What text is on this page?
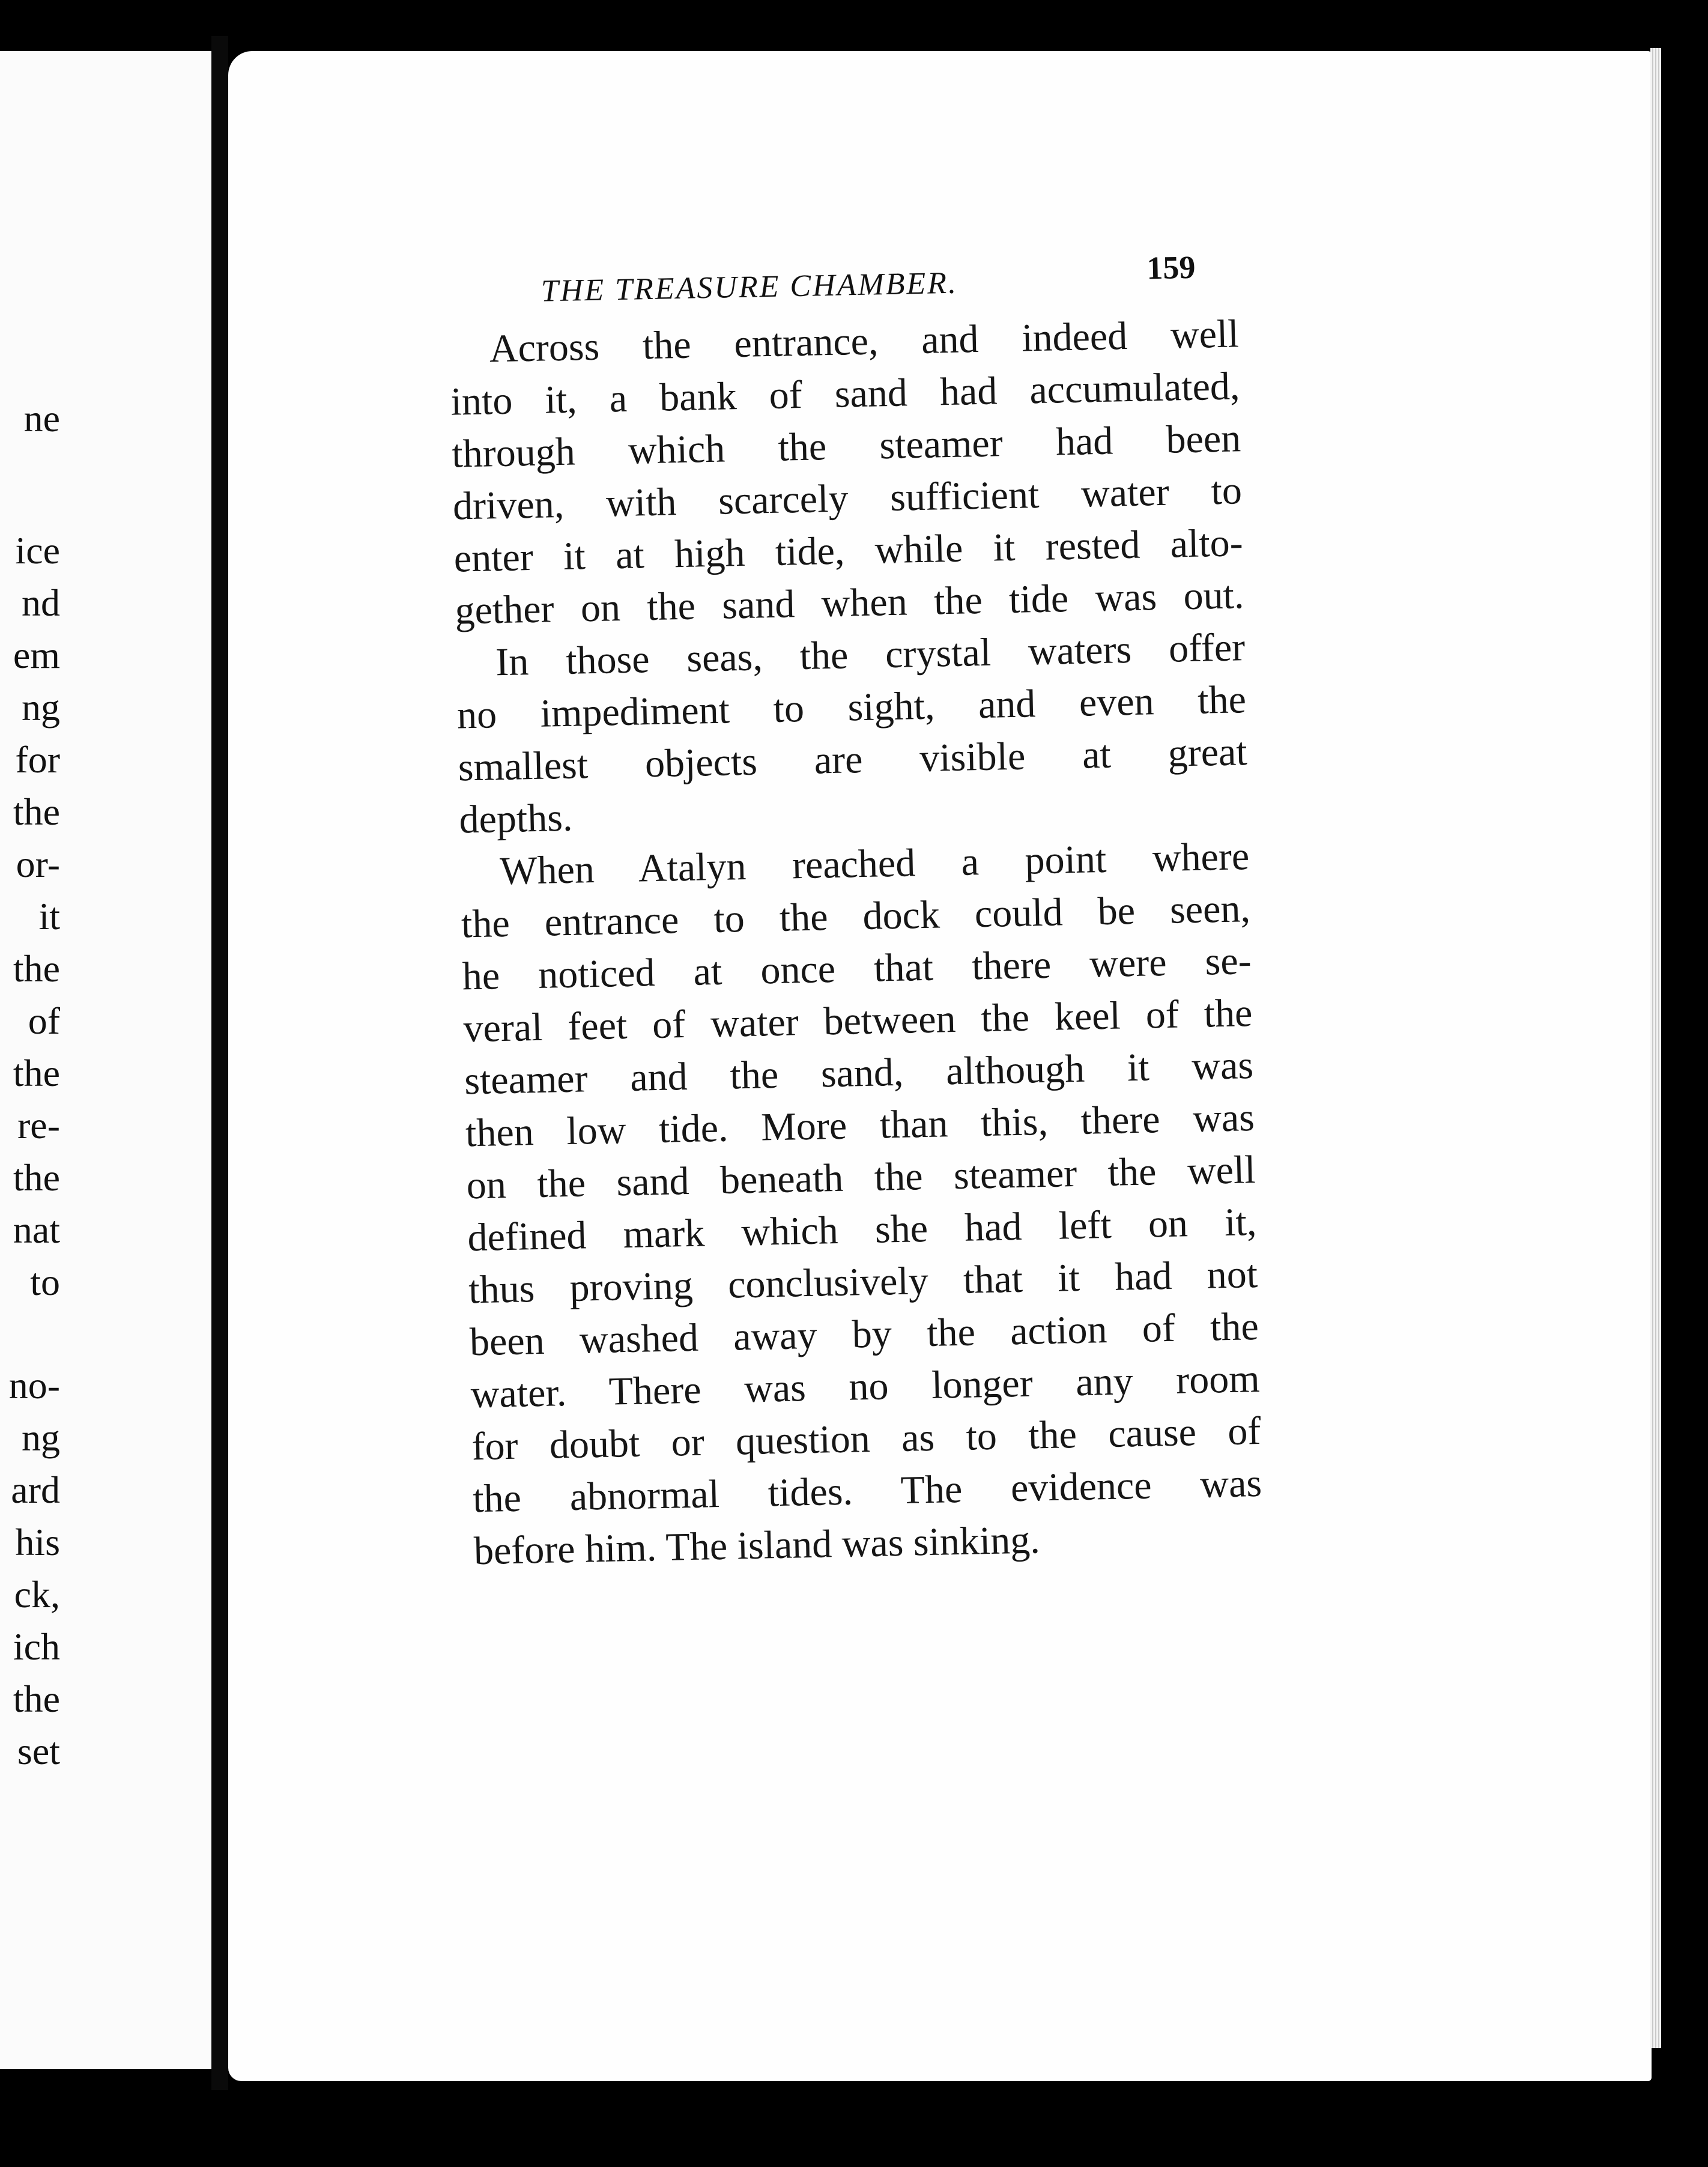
ne
ice
nd
em
ng
for
the
or-
it
the
of
the
re-
the
nat
to
no-
ng
ard
his
ck,
ich
the
set
THE TREASURE CHAMBER.	159
Across the entrance, and indeed well
into it, a bank of sand had accumulated,
through which the steamer had been
driven, with scarcely sufficient water to
enter it at high tide, while it rested alto-
gether on the sand when the tide was out.
In those seas, the crystal waters offer
no impediment to sight, and even the
smallest objects are visible at great
depths.
When Atalyn reached a point where
the entrance to the dock could be seen,
he noticed at once that there were se-
veral feet of water between the keel of the
steamer and the sand, although it was
then low tide. More than this, there was
on the sand beneath the steamer the well
defined mark which she had left on it,
thus proving conclusively that it had not
been washed away by the action of the
water. There was no longer any room
for doubt or question as to the cause of
the abnormal tides. The evidence was
before him. The island was sinking.
